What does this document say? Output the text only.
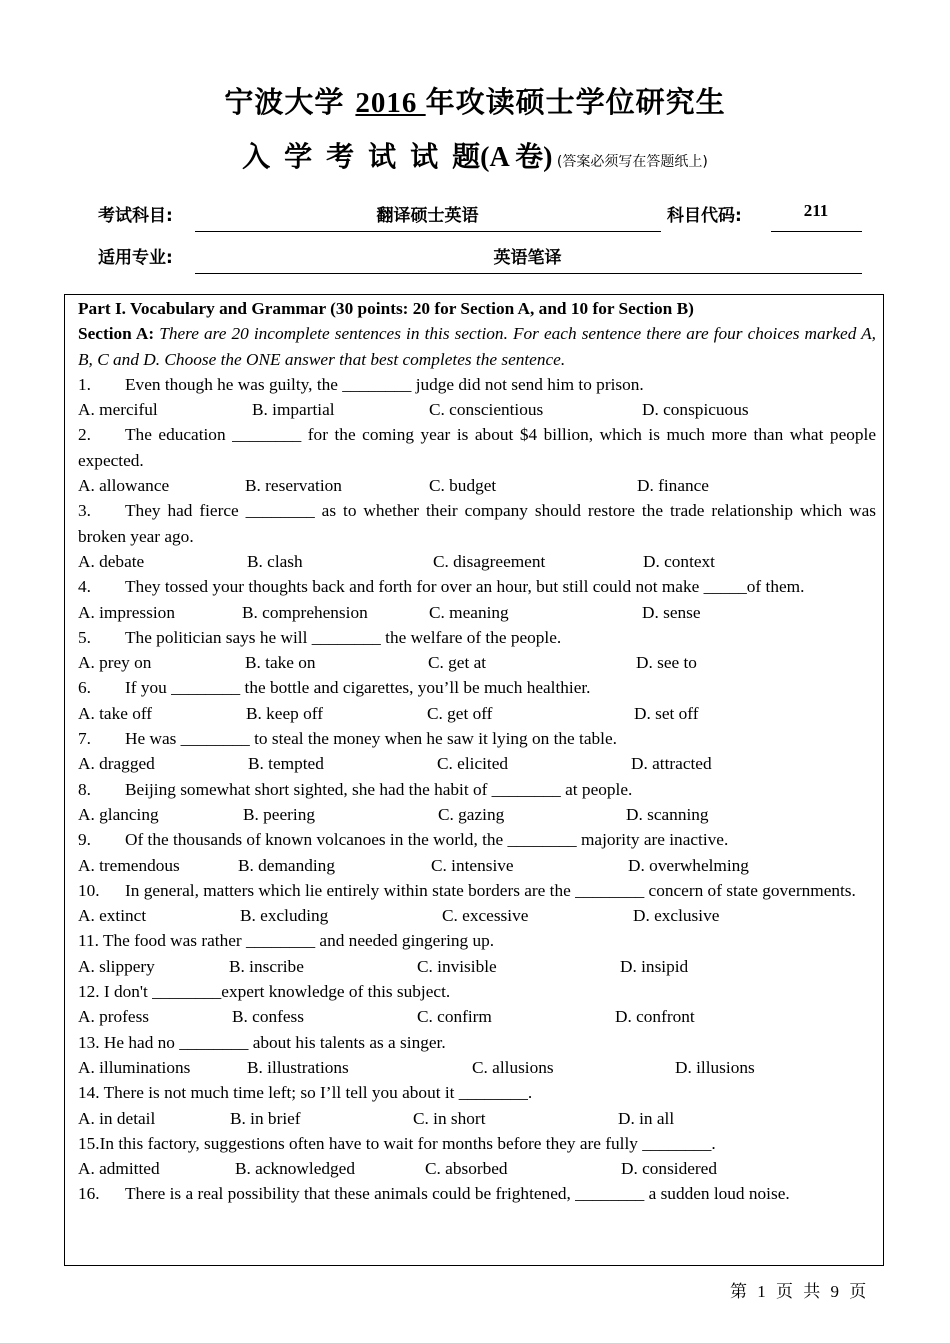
宁波大学 2016 年攻读硕士学位研究生
入学考试试题(A 卷) (答案必须写在答题纸上)
考试科目:	翻译硕士英语	科目代码:	211
适用专业:	英语笔译

Part I. Vocabulary and Grammar (30 points: 20 for Section A, and 10 for Section B)

Section A: There are 20 incomplete sentences in this section. For each sentence there are four choices marked A, B, C and D. Choose the ONE answer that best completes the sentence.

1. Even though he was guilty, the ________ judge did not send him to prison.

A. merciful	B. impartial	C. conscientious	D. conspicuous

2. The education ________ for the coming year is about $4 billion, which is much more than what people expected.

A. allowance	B. reservation	C. budget	D. finance

3. They had fierce ________ as to whether their company should restore the trade relationship which was broken year ago.

A. debate	B. clash	C. disagreement	D. context

4. They tossed your thoughts back and forth for over an hour, but still could not make _____of them.

A. impression	B. comprehension	C. meaning	D. sense

5. The politician says he will ________ the welfare of the people.

A. prey on	B. take on	C. get at	D. see to

6. If you ________ the bottle and cigarettes, you’ll be much healthier.

A. take off	B. keep off	C. get off	D. set off

7. He was ________ to steal the money when he saw it lying on the table.

A. dragged	B. tempted	C. elicited	D. attracted

8. Beijing somewhat short sighted, she had the habit of ________ at people.

A. glancing	B. peering	C. gazing	D. scanning

9. Of the thousands of known volcanoes in the world, the ________ majority are inactive.

A. tremendous	B. demanding	C. intensive	D. overwhelming

10. In general, matters which lie entirely within state borders are the ________ concern of state governments.

A. extinct	B. excluding	C. excessive	D. exclusive

11. The food was rather ________ and needed gingering up.

A. slippery	B. inscribe	C. invisible	D. insipid

12. I don't ________expert knowledge of this subject.

A. profess	B. confess	C. confirm	D. confront

13. He had no ________ about his talents as a singer.

A. illuminations	B. illustrations	C. allusions	D. illusions

14. There is not much time left; so I’ll tell you about it ________.

A. in detail	B. in brief	C. in short	D. in all

15.In this factory, suggestions often have to wait for months before they are fully ________.

A. admitted	B. acknowledged	C. absorbed	D. considered

16. There is a real possibility that these animals could be frightened, ________ a sudden loud noise.

第 1 页 共 9 页
